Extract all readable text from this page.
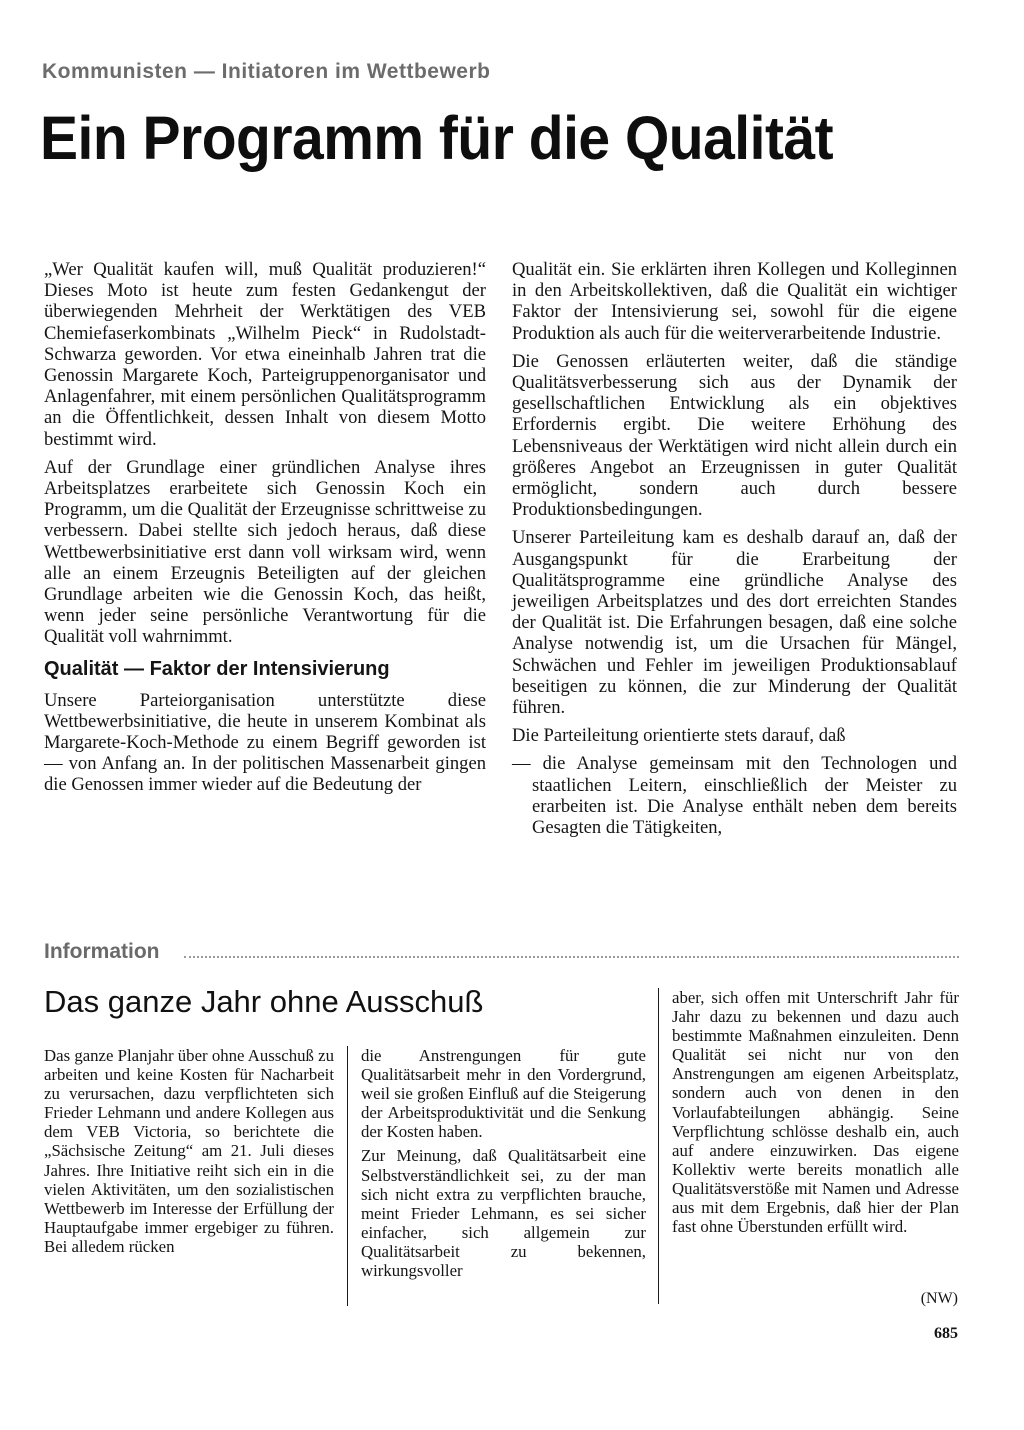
Kommunisten — Initiatoren im Wettbewerb
Ein Programm für die Qualität

„Wer Qualität kaufen will, muß Qualität produzieren!“ Dieses Moto ist heute zum festen Gedankengut der überwiegenden Mehrheit der Werktätigen des VEB Chemiefaserkombinats „Wilhelm Pieck“ in Rudolstadt-Schwarza geworden. Vor etwa eineinhalb Jahren trat die Genossin Margarete Koch, Parteigruppenorganisator und Anlagenfahrer, mit einem persönlichen Qualitätsprogramm an die Öffentlichkeit, dessen Inhalt von diesem Motto bestimmt wird.

Auf der Grundlage einer gründlichen Analyse ihres Arbeitsplatzes erarbeitete sich Genossin Koch ein Programm, um die Qualität der Erzeugnisse schrittweise zu verbessern. Dabei stellte sich jedoch heraus, daß diese Wettbewerbsinitiative erst dann voll wirksam wird, wenn alle an einem Erzeugnis Beteiligten auf der gleichen Grundlage arbeiten wie die Genossin Koch, das heißt, wenn jeder seine persönliche Verantwortung für die Qualität voll wahrnimmt.

Qualität — Faktor der Intensivierung

Unsere Parteiorganisation unterstützte diese Wettbewerbsinitiative, die heute in unserem Kombinat als Margarete-Koch-Methode zu einem Begriff geworden ist — von Anfang an. In der politischen Massenarbeit gingen die Genossen immer wieder auf die Bedeutung der

Qualität ein. Sie erklärten ihren Kollegen und Kolleginnen in den Arbeitskollektiven, daß die Qualität ein wichtiger Faktor der Intensivierung sei, sowohl für die eigene Produktion als auch für die weiterverarbeitende Industrie.

Die Genossen erläuterten weiter, daß die ständige Qualitätsverbesserung sich aus der Dynamik der gesellschaftlichen Entwicklung als ein objektives Erfordernis ergibt. Die weitere Erhöhung des Lebensniveaus der Werktätigen wird nicht allein durch ein größeres Angebot an Erzeugnissen in guter Qualität ermöglicht, sondern auch durch bessere Produktionsbedingungen.

Unserer Parteileitung kam es deshalb darauf an, daß der Ausgangspunkt für die Erarbeitung der Qualitätsprogramme eine gründliche Analyse des jeweiligen Arbeitsplatzes und des dort erreichten Standes der Qualität ist. Die Erfahrungen besagen, daß eine solche Analyse notwendig ist, um die Ursachen für Mängel, Schwächen und Fehler im jeweiligen Produktionsablauf beseitigen zu können, die zur Minderung der Qualität führen.

Die Parteileitung orientierte stets darauf, daß

— die Analyse gemeinsam mit den Technologen und staatlichen Leitern, einschließlich der Meister zu erarbeiten ist. Die Analyse enthält neben dem bereits Gesagten die Tätigkeiten,

Information
Das ganze Jahr ohne Ausschuß

Das ganze Planjahr über ohne Ausschuß zu arbeiten und keine Kosten für Nacharbeit zu verursachen, dazu verpflichteten sich Frieder Lehmann und andere Kollegen aus dem VEB Victoria, so berichtete die „Sächsische Zeitung“ am 21. Juli dieses Jahres. Ihre Initiative reiht sich ein in die vielen Aktivitäten, um den sozialistischen Wettbewerb im Interesse der Erfüllung der Hauptaufgabe immer ergebiger zu führen. Bei alledem rücken

die Anstrengungen für gute Qualitätsarbeit mehr in den Vordergrund, weil sie großen Einfluß auf die Steigerung der Arbeitsproduktivität und die Senkung der Kosten haben.

Zur Meinung, daß Qualitätsarbeit eine Selbstverständlichkeit sei, zu der man sich nicht extra zu verpflichten brauche, meint Frieder Lehmann, es sei sicher einfacher, sich allgemein zur Qualitätsarbeit zu bekennen, wirkungsvoller

aber, sich offen mit Unterschrift Jahr für Jahr dazu zu bekennen und dazu auch bestimmte Maßnahmen einzuleiten. Denn Qualität sei nicht nur von den Anstrengungen am eigenen Arbeitsplatz, sondern auch von denen in den Vorlaufabteilungen abhängig. Seine Verpflichtung schlösse deshalb ein, auch auf andere einzuwirken. Das eigene Kollektiv werte bereits monatlich alle Qualitätsverstöße mit Namen und Adresse aus mit dem Ergebnis, daß hier der Plan fast ohne Überstunden erfüllt wird.

(NW)
685
